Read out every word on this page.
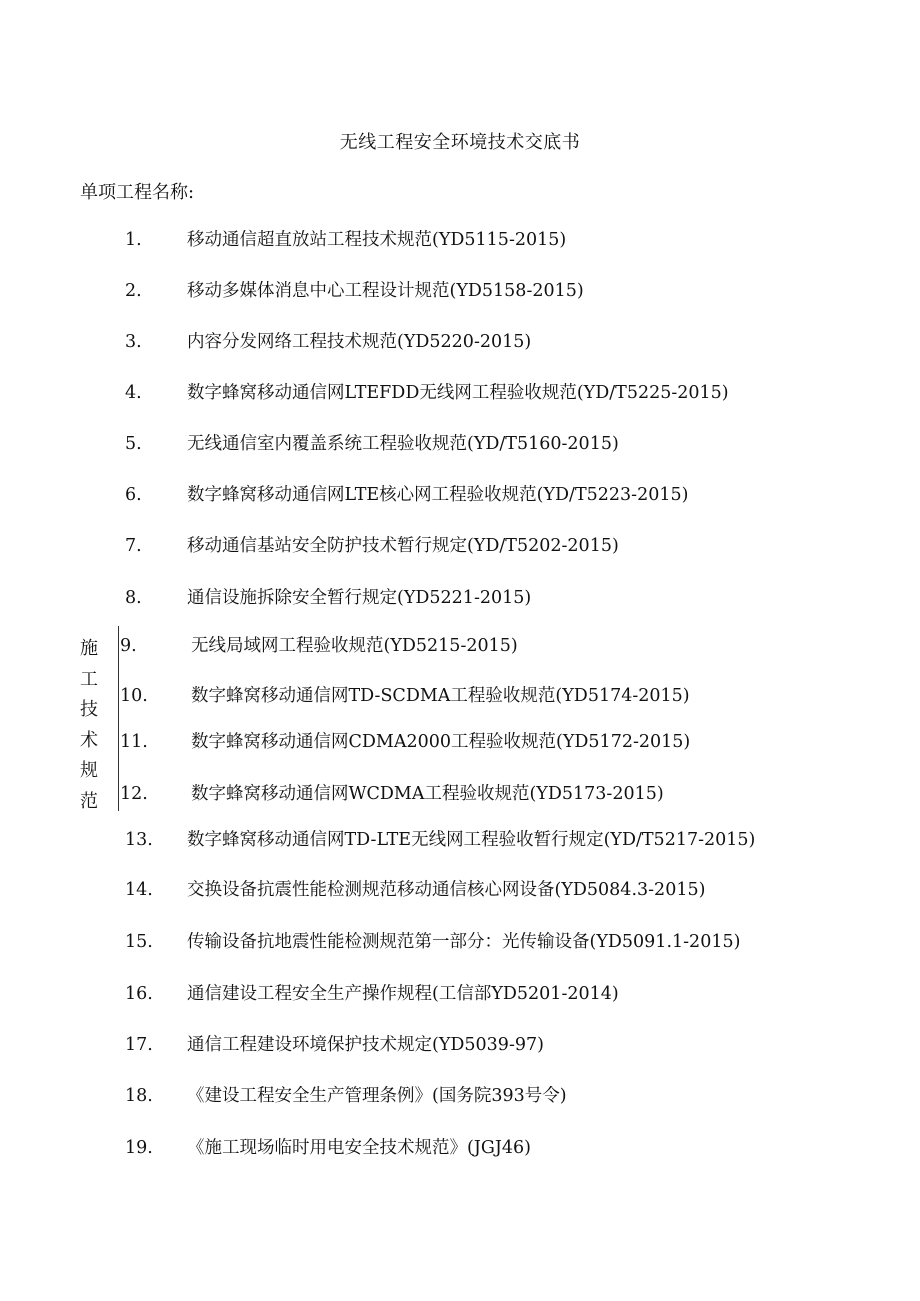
无线工程安全环境技术交底书
单项工程名称:
施
工
技
术
规
范
1.	移动通信超直放站工程技术规范(YD5115-2015)
2.	移动多媒体消息中心工程设计规范(YD5158-2015)
3.	内容分发网络工程技术规范(YD5220-2015)
4.	数字蜂窝移动通信网LTEFDD无线网工程验收规范(YD/T5225-2015)
5.	无线通信室内覆盖系统工程验收规范(YD/T5160-2015)
6.	数字蜂窝移动通信网LTE核心网工程验收规范(YD/T5223-2015)
7.	移动通信基站安全防护技术暂行规定(YD/T5202-2015)
8.	通信设施拆除安全暂行规定(YD5221-2015)
9.	无线局域网工程验收规范(YD5215-2015)
10. 数字蜂窝移动通信网TD-SCDMA工程验收规范(YD5174-2015)
11. 数字蜂窝移动通信网CDMA2000工程验收规范(YD5172-2015)
12. 数字蜂窝移动通信网WCDMA工程验收规范(YD5173-2015)
13. 数字蜂窝移动通信网TD-LTE无线网工程验收暂行规定(YD/T5217-2015)
14. 交换设备抗震性能检测规范移动通信核心网设备(YD5084.3-2015)
15. 传输设备抗地震性能检测规范第一部分：光传输设备(YD5091.1-2015)
16. 通信建设工程安全生产操作规程(工信部YD5201-2014)
17. 通信工程建设环境保护技术规定(YD5039-97)
18. 《建设工程安全生产管理条例》(国务院393号令)
19. 《施工现场临时用电安全技术规范》(JGJ46)
